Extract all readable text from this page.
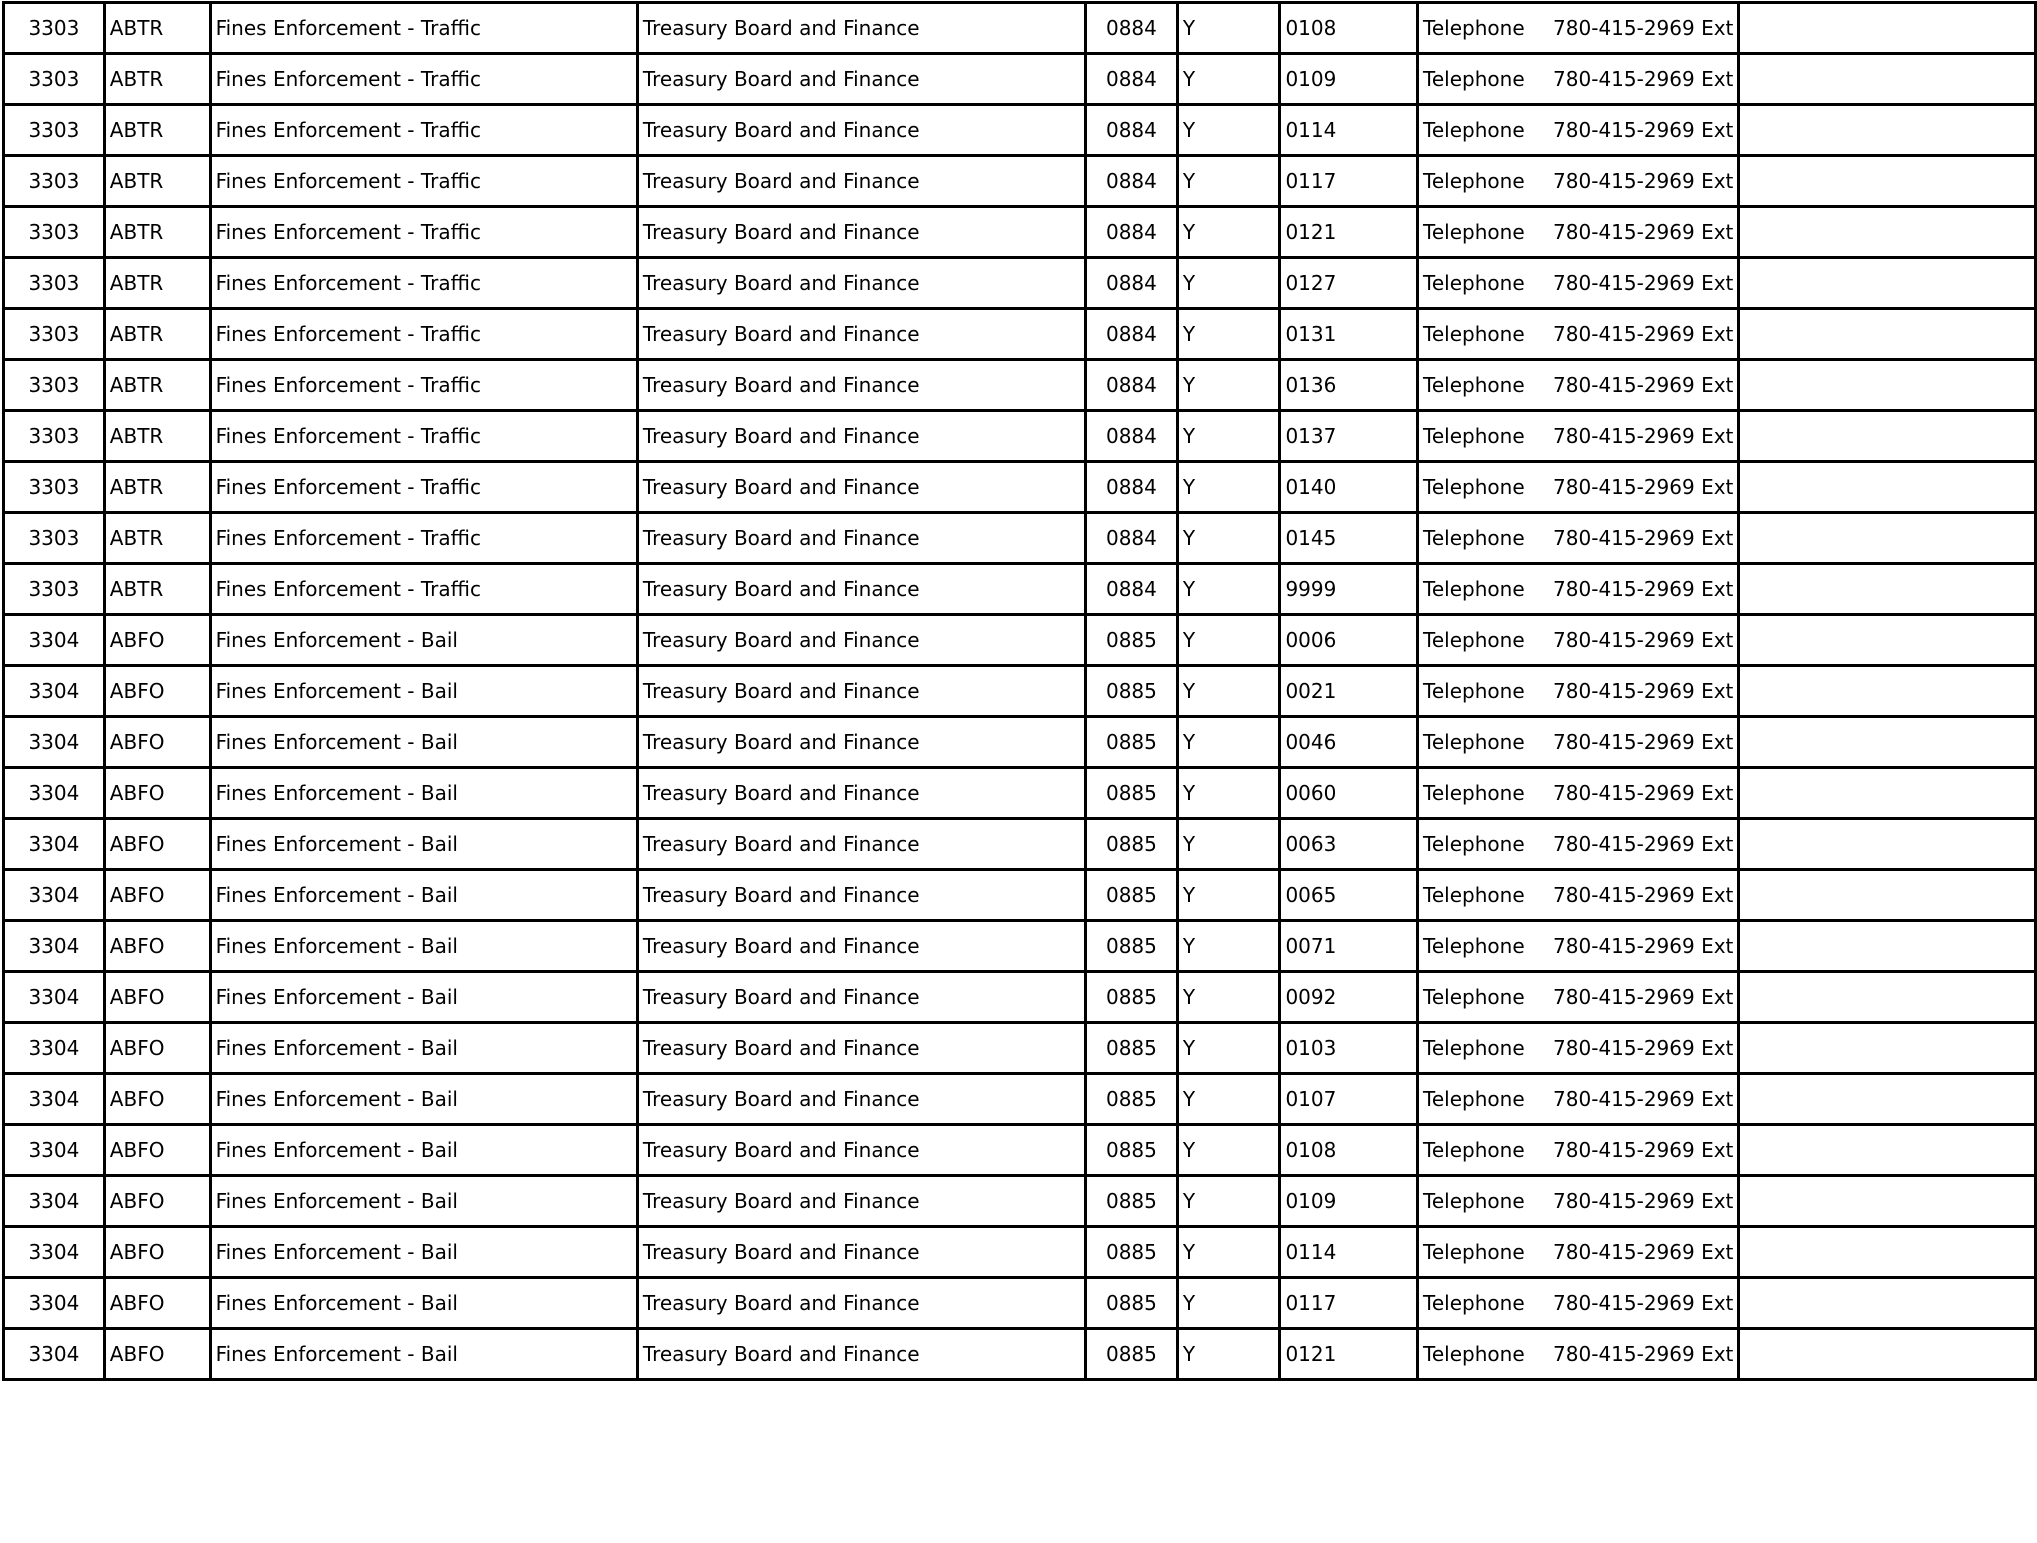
3303	ABTR	Fines Enforcement - Traffic	Treasury Board and Finance	0884	Y	0108	Telephone 780-415-2969 Ext	
3303	ABTR	Fines Enforcement - Traffic	Treasury Board and Finance	0884	Y	0109	Telephone 780-415-2969 Ext	
3303	ABTR	Fines Enforcement - Traffic	Treasury Board and Finance	0884	Y	0114	Telephone 780-415-2969 Ext	
3303	ABTR	Fines Enforcement - Traffic	Treasury Board and Finance	0884	Y	0117	Telephone 780-415-2969 Ext	
3303	ABTR	Fines Enforcement - Traffic	Treasury Board and Finance	0884	Y	0121	Telephone 780-415-2969 Ext	
3303	ABTR	Fines Enforcement - Traffic	Treasury Board and Finance	0884	Y	0127	Telephone 780-415-2969 Ext	
3303	ABTR	Fines Enforcement - Traffic	Treasury Board and Finance	0884	Y	0131	Telephone 780-415-2969 Ext	
3303	ABTR	Fines Enforcement - Traffic	Treasury Board and Finance	0884	Y	0136	Telephone 780-415-2969 Ext	
3303	ABTR	Fines Enforcement - Traffic	Treasury Board and Finance	0884	Y	0137	Telephone 780-415-2969 Ext	
3303	ABTR	Fines Enforcement - Traffic	Treasury Board and Finance	0884	Y	0140	Telephone 780-415-2969 Ext	
3303	ABTR	Fines Enforcement - Traffic	Treasury Board and Finance	0884	Y	0145	Telephone 780-415-2969 Ext	
3303	ABTR	Fines Enforcement - Traffic	Treasury Board and Finance	0884	Y	9999	Telephone 780-415-2969 Ext	
3304	ABFO	Fines Enforcement - Bail	Treasury Board and Finance	0885	Y	0006	Telephone 780-415-2969 Ext	
3304	ABFO	Fines Enforcement - Bail	Treasury Board and Finance	0885	Y	0021	Telephone 780-415-2969 Ext	
3304	ABFO	Fines Enforcement - Bail	Treasury Board and Finance	0885	Y	0046	Telephone 780-415-2969 Ext	
3304	ABFO	Fines Enforcement - Bail	Treasury Board and Finance	0885	Y	0060	Telephone 780-415-2969 Ext	
3304	ABFO	Fines Enforcement - Bail	Treasury Board and Finance	0885	Y	0063	Telephone 780-415-2969 Ext	
3304	ABFO	Fines Enforcement - Bail	Treasury Board and Finance	0885	Y	0065	Telephone 780-415-2969 Ext	
3304	ABFO	Fines Enforcement - Bail	Treasury Board and Finance	0885	Y	0071	Telephone 780-415-2969 Ext	
3304	ABFO	Fines Enforcement - Bail	Treasury Board and Finance	0885	Y	0092	Telephone 780-415-2969 Ext	
3304	ABFO	Fines Enforcement - Bail	Treasury Board and Finance	0885	Y	0103	Telephone 780-415-2969 Ext	
3304	ABFO	Fines Enforcement - Bail	Treasury Board and Finance	0885	Y	0107	Telephone 780-415-2969 Ext	
3304	ABFO	Fines Enforcement - Bail	Treasury Board and Finance	0885	Y	0108	Telephone 780-415-2969 Ext	
3304	ABFO	Fines Enforcement - Bail	Treasury Board and Finance	0885	Y	0109	Telephone 780-415-2969 Ext	
3304	ABFO	Fines Enforcement - Bail	Treasury Board and Finance	0885	Y	0114	Telephone 780-415-2969 Ext	
3304	ABFO	Fines Enforcement - Bail	Treasury Board and Finance	0885	Y	0117	Telephone 780-415-2969 Ext	
3304	ABFO	Fines Enforcement - Bail	Treasury Board and Finance	0885	Y	0121	Telephone 780-415-2969 Ext	
